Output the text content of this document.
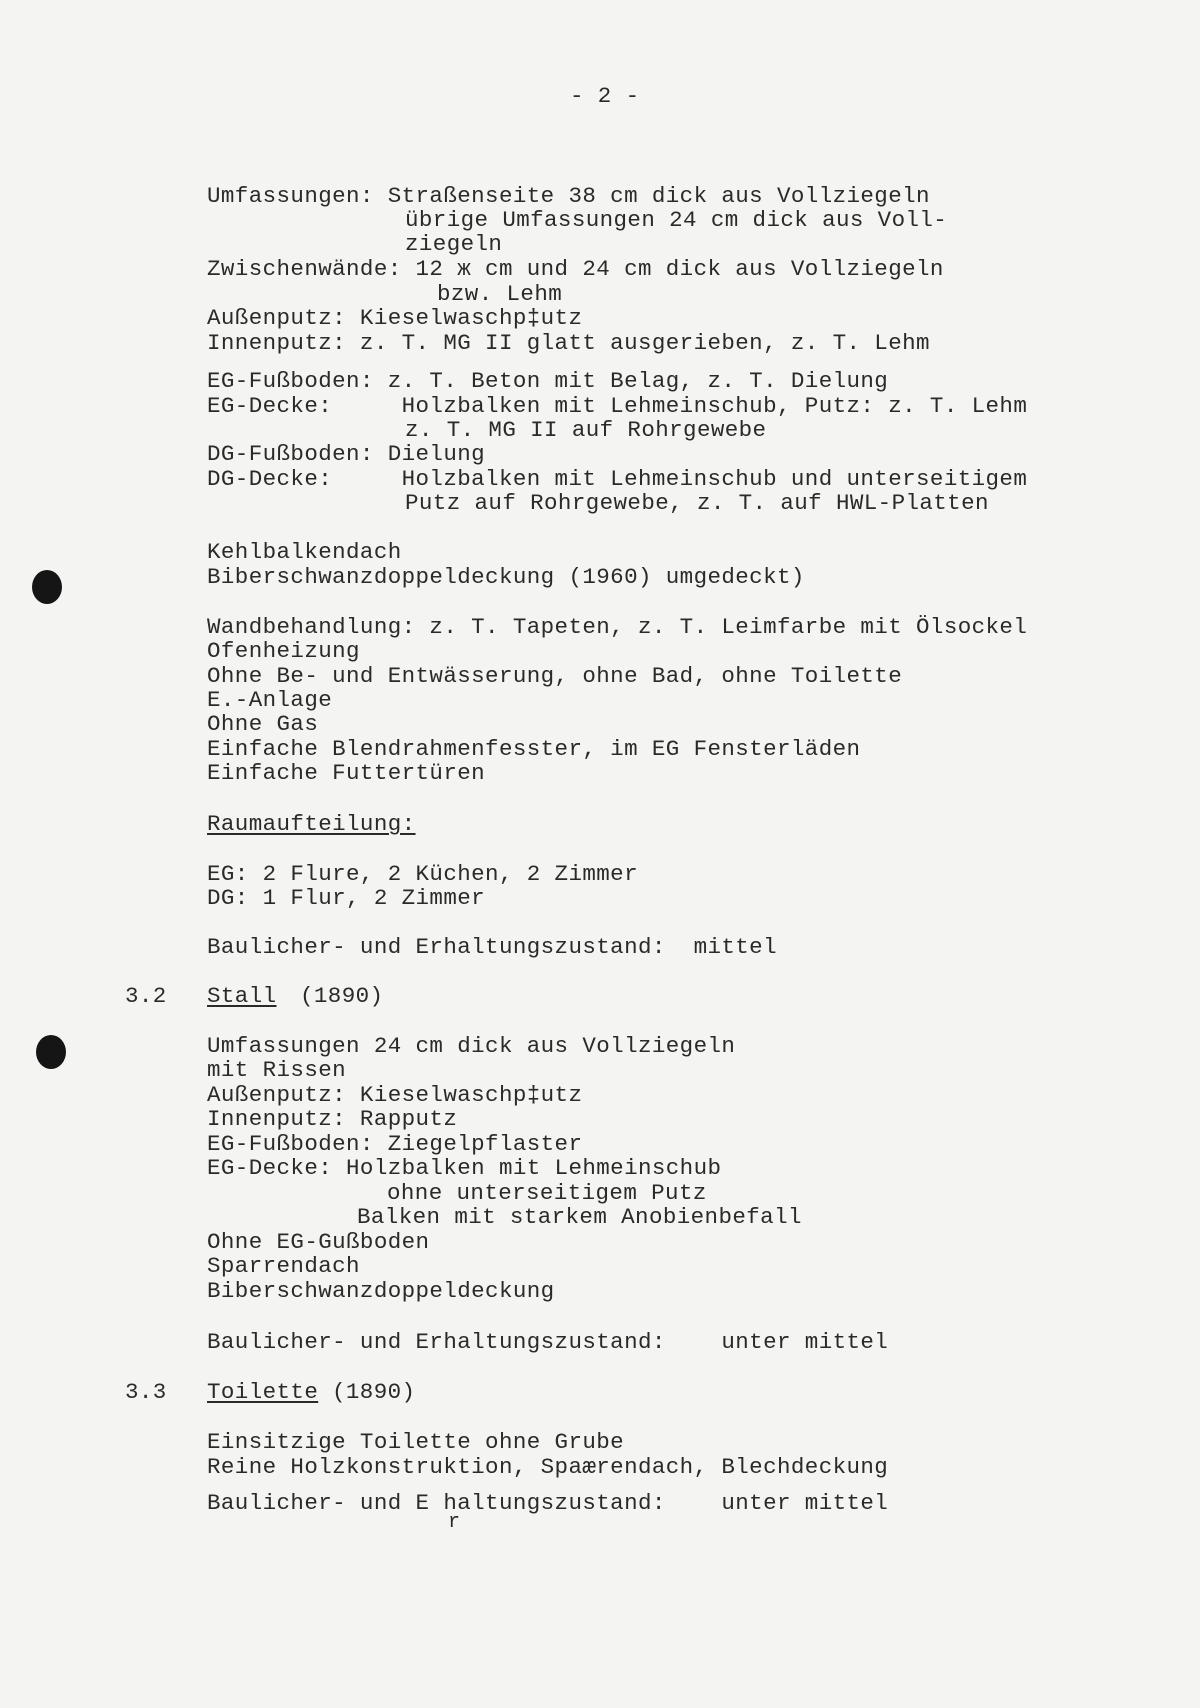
- 2 -
Umfassungen: Straßenseite 38 cm dick aus Vollziegeln
übrige Umfassungen 24 cm dick aus Voll-
ziegeln
Zwischenwände: 12 ж cm und 24 cm dick aus Vollziegeln
bzw. Lehm
Außenputz: Kieselwaschp‡utz
Innenputz: z. T. MG II glatt ausgerieben, z. T. Lehm
EG-Fußboden: z. T. Beton mit Belag, z. T. Dielung
EG-Decke:     Holzbalken mit Lehmeinschub, Putz: z. T. Lehm
z. T. MG II auf Rohrgewebe
DG-Fußboden: Dielung
DG-Decke:     Holzbalken mit Lehmeinschub und unterseitigem
Putz auf Rohrgewebe, z. T. auf HWL-Platten
Kehlbalkendach
Biberschwanzdoppeldeckung (1960) umgedeckt)
Wandbehandlung: z. T. Tapeten, z. T. Leimfarbe mit Ölsockel
Ofenheizung
Ohne Be- und Entwässerung, ohne Bad, ohne Toilette
E.-Anlage
Ohne Gas
Einfache Blendrahmenfesster, im EG Fensterläden
Einfache Futtertüren
Raumaufteilung:
EG: 2 Flure, 2 Küchen, 2 Zimmer
DG: 1 Flur, 2 Zimmer
Baulicher- und Erhaltungszustand:  mittel
3.2 Stall (1890)
Umfassungen 24 cm dick aus Vollziegeln
mit Rissen
Außenputz: Kieselwaschp‡utz
Innenputz: Rapputz
EG-Fußboden: Ziegelpflaster
EG-Decke: Holzbalken mit Lehmeinschub
ohne unterseitigem Putz
Balken mit starkem Anobienbefall
Ohne EG-Gußboden
Sparrendach
Biberschwanzdoppeldeckung
Baulicher- und Erhaltungszustand:    unter mittel
3.3 Toilette (1890)
Einsitzige Toilette ohne Grube
Reine Holzkonstruktion, Spaærendach, Blechdeckung
Baulicher- und E haltungszustand:    unter mittel
r
